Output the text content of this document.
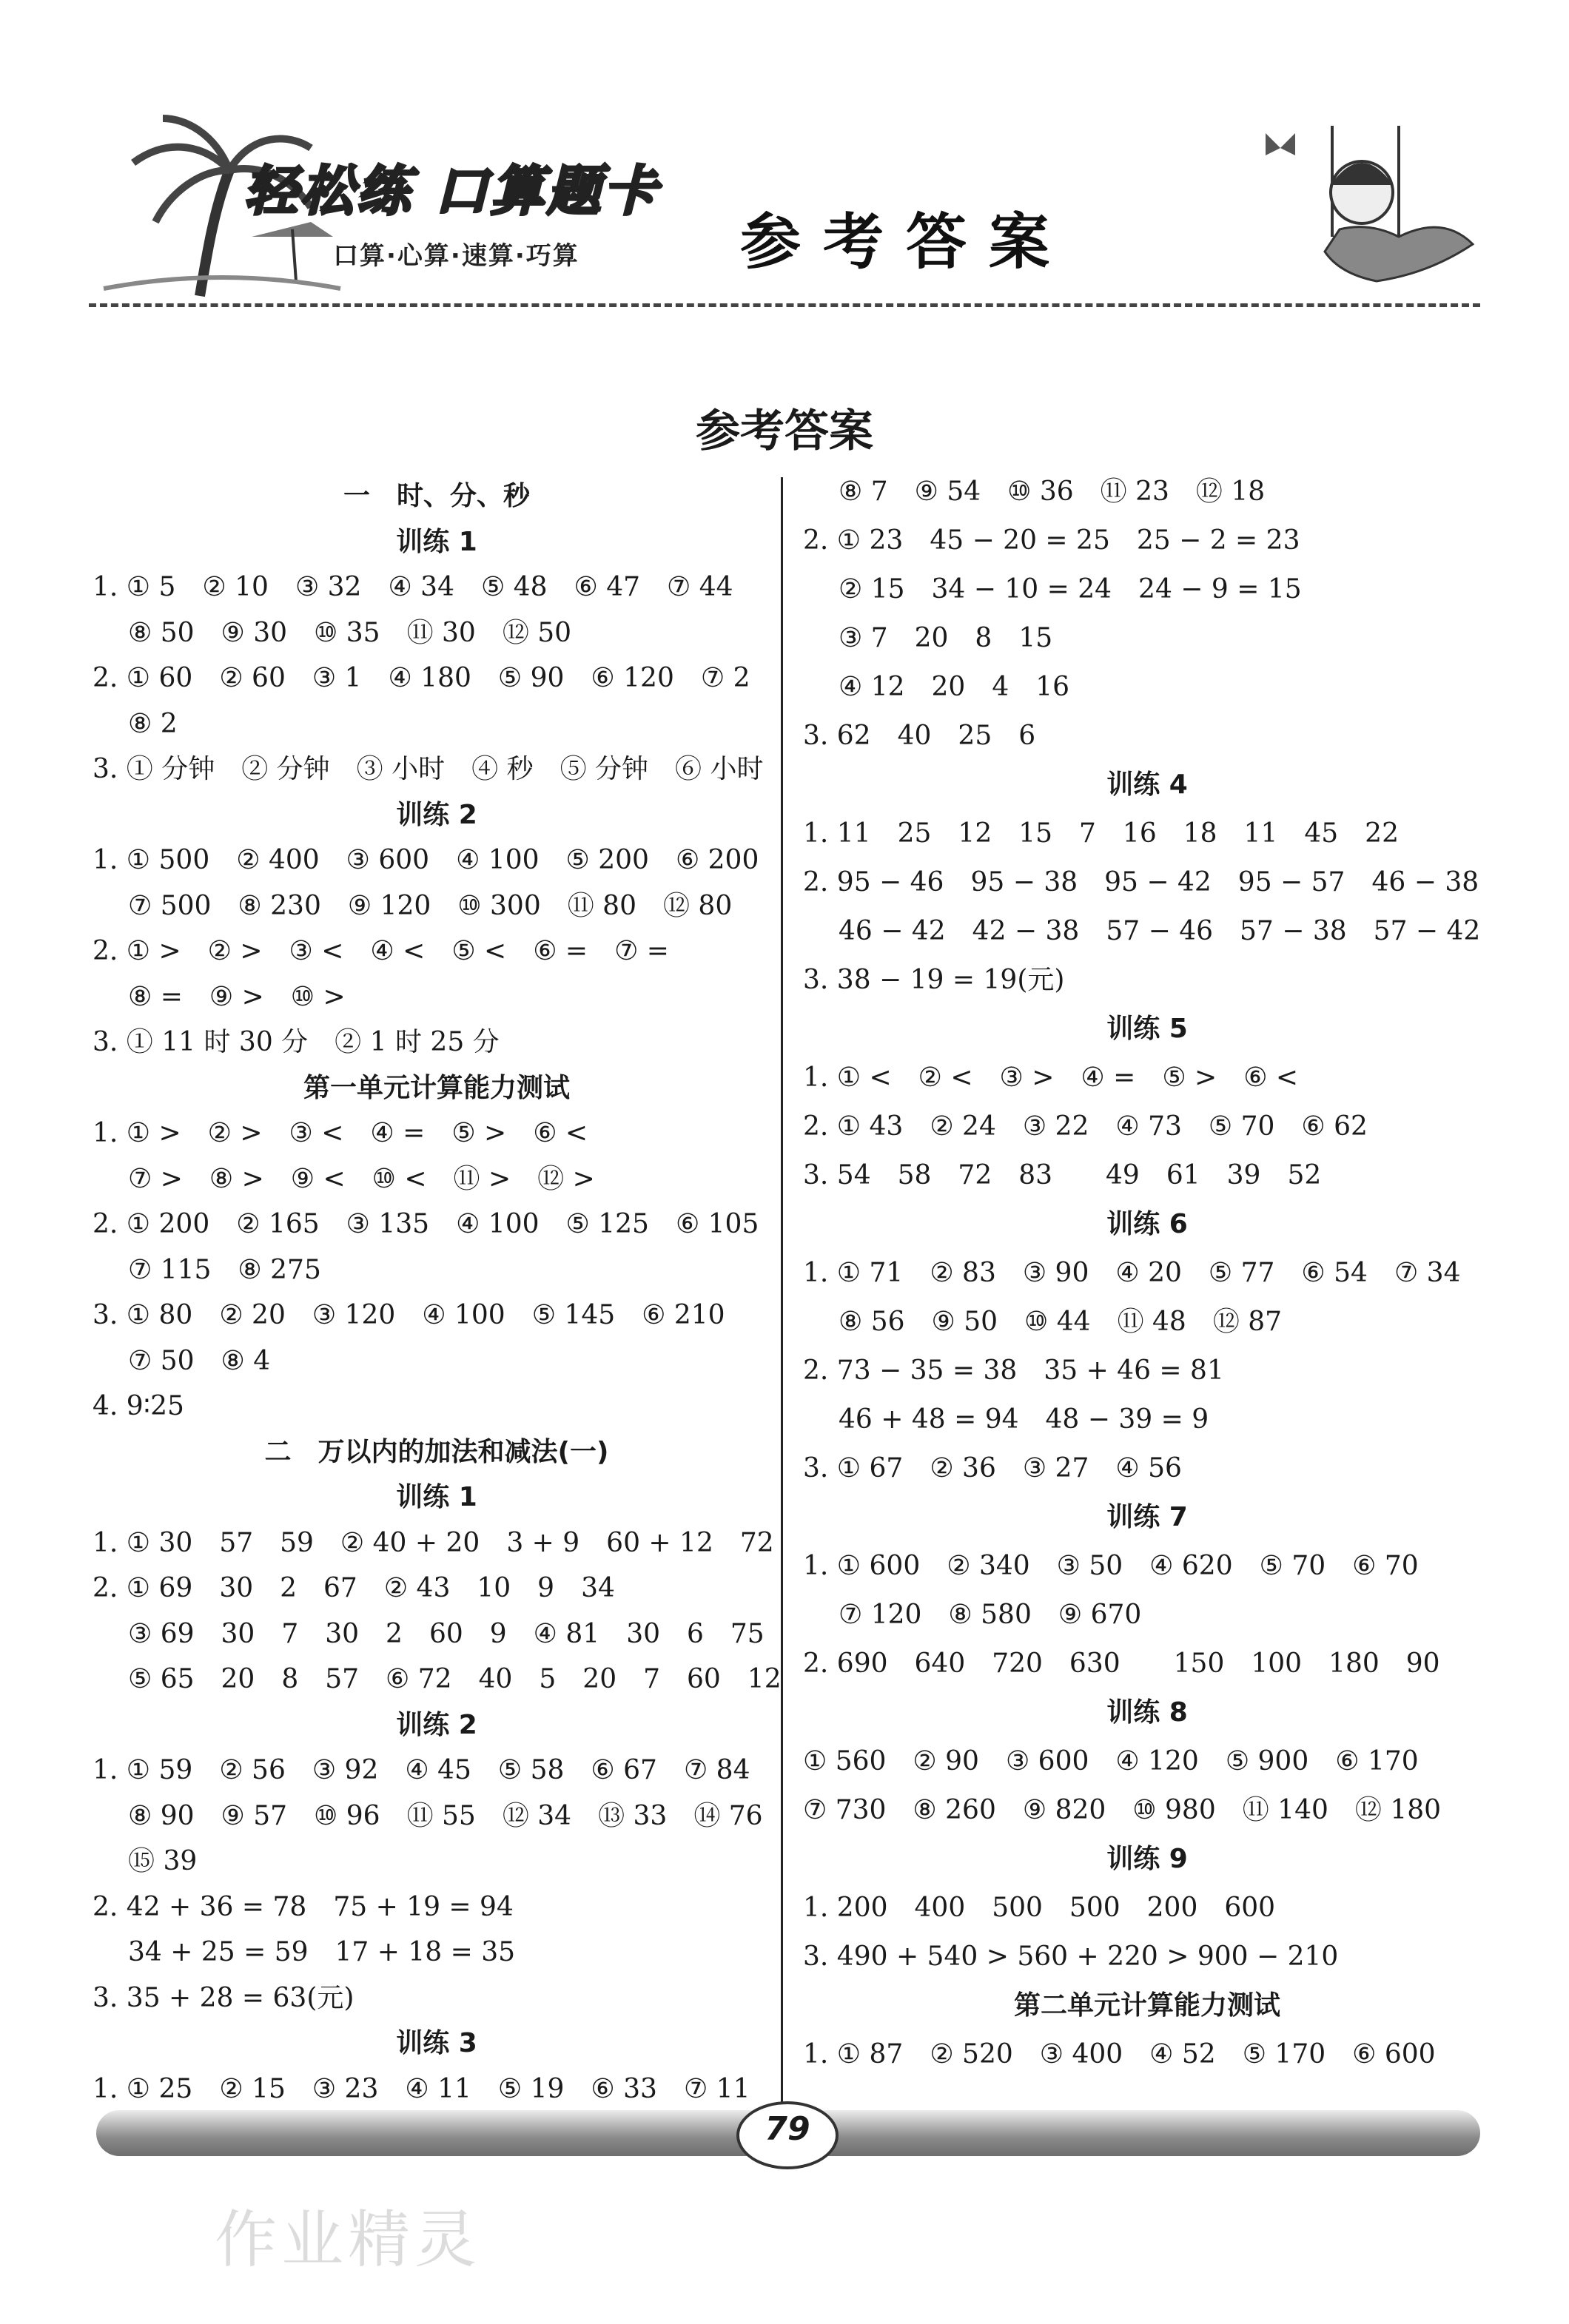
轻松练 口算题卡
口算·心算·速算·巧算	参考答案
参考答案
一　时、分、秒
训练 1
1. ① 5　② 10　③ 32　④ 34　⑤ 48　⑥ 47　⑦ 44
⑧ 50　⑨ 30　⑩ 35　⑪ 30　⑫ 50
2. ① 60　② 60　③ 1　④ 180　⑤ 90　⑥ 120　⑦ 2
⑧ 2
3. ① 分钟　② 分钟　③ 小时　④ 秒　⑤ 分钟　⑥ 小时
训练 2
1. ① 500　② 400　③ 600　④ 100　⑤ 200　⑥ 200
⑦ 500　⑧ 230　⑨ 120　⑩ 300　⑪ 80　⑫ 80
2. ① >　② >　③ <　④ <　⑤ <　⑥ =　⑦ =
⑧ =　⑨ >　⑩ >
3. ① 11 时 30 分　② 1 时 25 分
第一单元计算能力测试
1. ① >　② >　③ <　④ =　⑤ >　⑥ <
⑦ >　⑧ >　⑨ <　⑩ <　⑪ >　⑫ >
2. ① 200　② 165　③ 135　④ 100　⑤ 125　⑥ 105
⑦ 115　⑧ 275
3. ① 80　② 20　③ 120　④ 100　⑤ 145　⑥ 210
⑦ 50　⑧ 4
4. 9∶25
二　万以内的加法和减法(一)
训练 1
1. ① 30　57　59　② 40 + 20　3 + 9　60 + 12　72
2. ① 69　30　2　67　② 43　10　9　34
③ 69　30　7　30　2　60　9　④ 81　30　6　75
⑤ 65　20　8　57　⑥ 72　40　5　20　7　60　12
训练 2
1. ① 59　② 56　③ 92　④ 45　⑤ 58　⑥ 67　⑦ 84
⑧ 90　⑨ 57　⑩ 96　⑪ 55　⑫ 34　⑬ 33　⑭ 76
⑮ 39
2. 42 + 36 = 78　75 + 19 = 94
34 + 25 = 59　17 + 18 = 35
3. 35 + 28 = 63(元)
训练 3
1. ① 25　② 15　③ 23　④ 11　⑤ 19　⑥ 33　⑦ 11
⑧ 7　⑨ 54　⑩ 36　⑪ 23　⑫ 18
2. ① 23　45 − 20 = 25　25 − 2 = 23
② 15　34 − 10 = 24　24 − 9 = 15
③ 7　20　8　15
④ 12　20　4　16
3. 62　40　25　6
训练 4
1. 11　25　12　15　7　16　18　11　45　22
2. 95 − 46　95 − 38　95 − 42　95 − 57　46 − 38
46 − 42　42 − 38　57 − 46　57 − 38　57 − 42
3. 38 − 19 = 19(元)
训练 5
1. ① <　② <　③ >　④ =　⑤ >　⑥ <
2. ① 43　② 24　③ 22　④ 73　⑤ 70　⑥ 62
3. 54　58　72　83　　49　61　39　52
训练 6
1. ① 71　② 83　③ 90　④ 20　⑤ 77　⑥ 54　⑦ 34
⑧ 56　⑨ 50　⑩ 44　⑪ 48　⑫ 87
2. 73 − 35 = 38　35 + 46 = 81
46 + 48 = 94　48 − 39 = 9
3. ① 67　② 36　③ 27　④ 56
训练 7
1. ① 600　② 340　③ 50　④ 620　⑤ 70　⑥ 70
⑦ 120　⑧ 580　⑨ 670
2. 690　640　720　630　　150　100　180　90
训练 8
① 560　② 90　③ 600　④ 120　⑤ 900　⑥ 170
⑦ 730　⑧ 260　⑨ 820　⑩ 980　⑪ 140　⑫ 180
训练 9
1. 200　400　500　500　200　600
3. 490 + 540 > 560 + 220 > 900 − 210
第二单元计算能力测试
1. ① 87　② 520　③ 400　④ 52　⑤ 170　⑥ 600
79
作业精灵
